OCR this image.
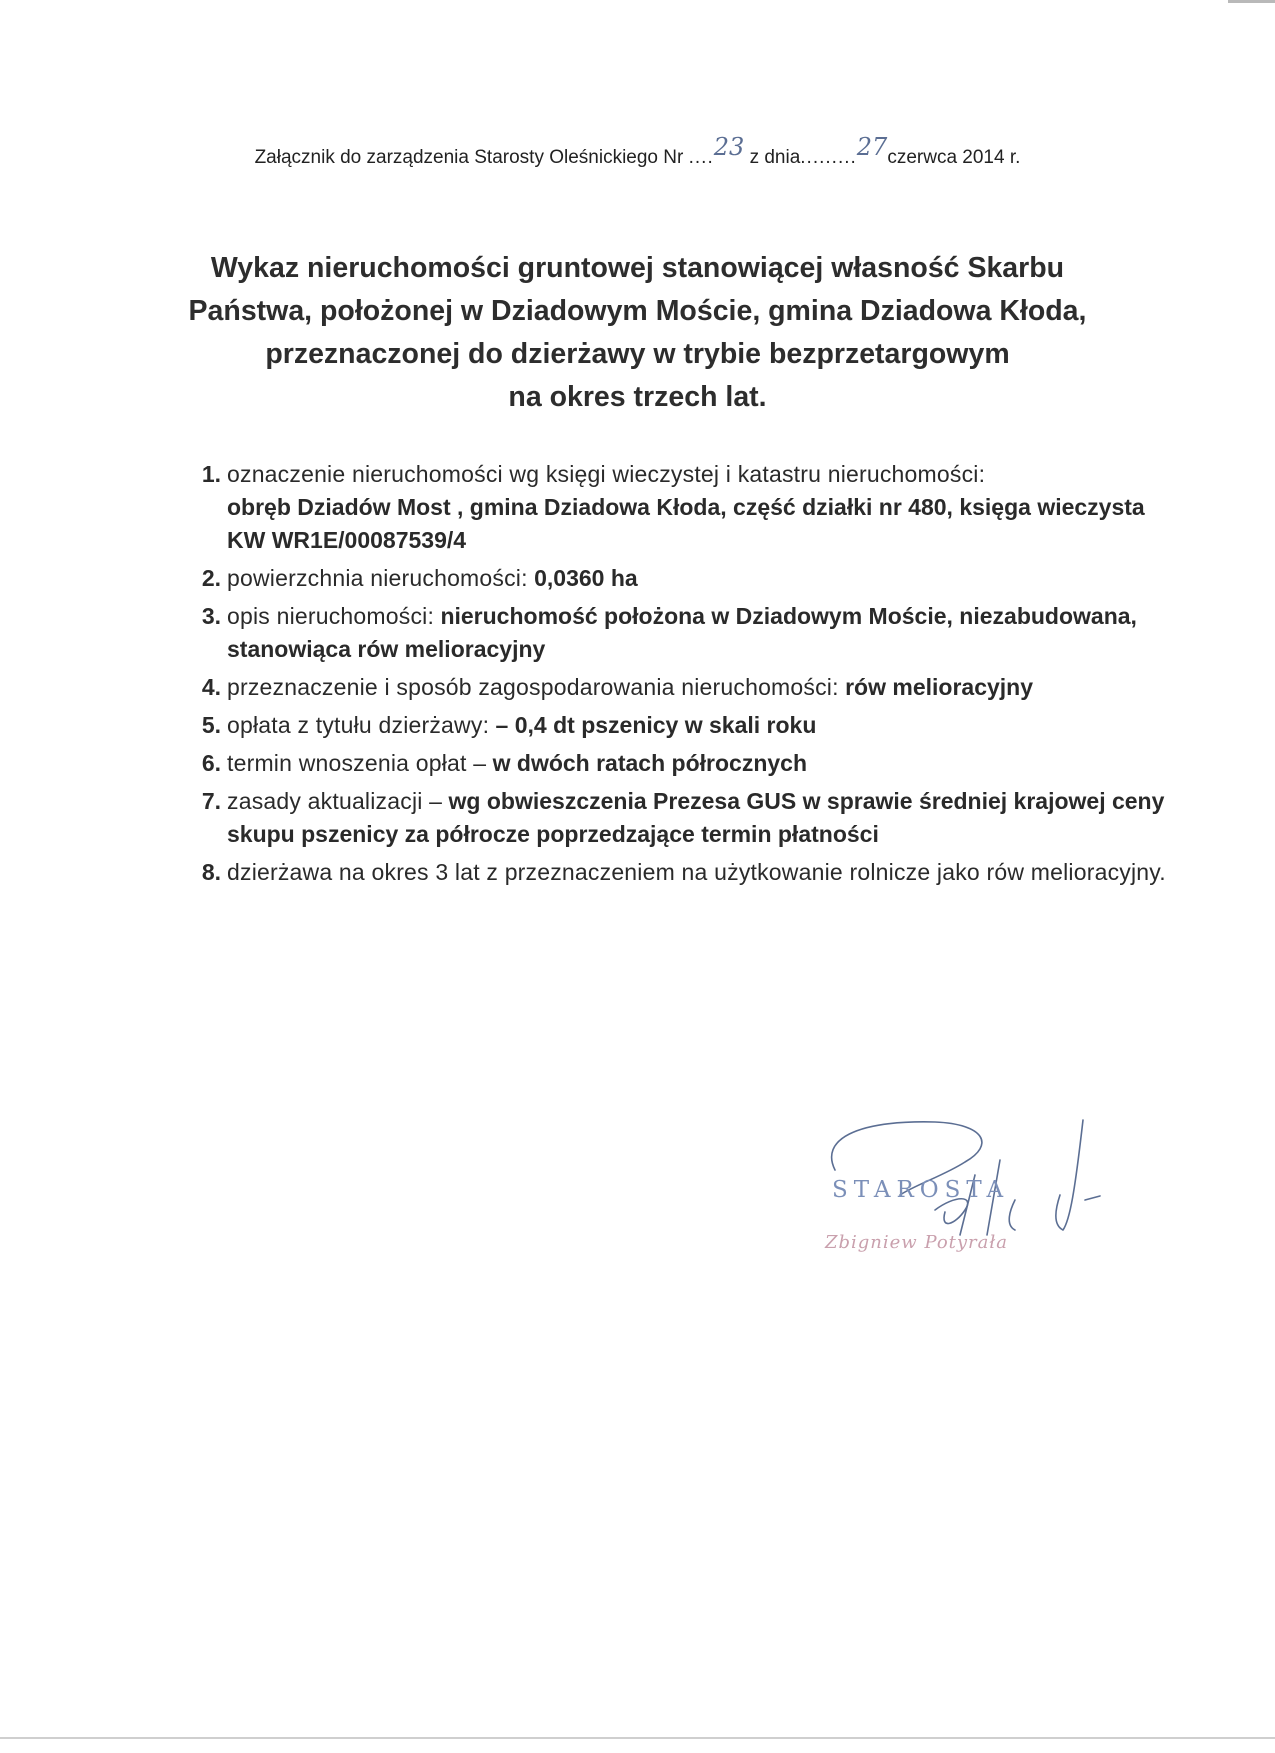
Załącznik do zarządzenia Starosty Oleśnickiego Nr ....23 z dnia.........27czerwca 2014 r.
Wykaz nieruchomości gruntowej stanowiącej własność Skarbu
Państwa, położonej w Dziadowym Moście, gmina Dziadowa Kłoda,
przeznaczonej do dzierżawy w trybie bezprzetargowym
na okres trzech lat.
1. oznaczenie nieruchomości wg księgi wieczystej i katastru nieruchomości:
obręb Dziadów Most , gmina Dziadowa Kłoda, część działki nr 480, księga wieczysta KW WR1E/00087539/4
2. powierzchnia nieruchomości: 0,0360 ha
3. opis nieruchomości: nieruchomość położona w Dziadowym Moście, niezabudowana, stanowiąca rów melioracyjny
4. przeznaczenie i sposób zagospodarowania nieruchomości: rów melioracyjny
5. opłata z tytułu dzierżawy: – 0,4 dt pszenicy w skali roku
6. termin wnoszenia opłat – w dwóch ratach półrocznych
7. zasady aktualizacji – wg obwieszczenia Prezesa GUS w sprawie średniej krajowej ceny skupu pszenicy za półrocze poprzedzające termin płatności
8. dzierżawa na okres 3 lat z przeznaczeniem na użytkowanie rolnicze jako rów melioracyjny.
STAROSTA
Zbigniew Potyrała
